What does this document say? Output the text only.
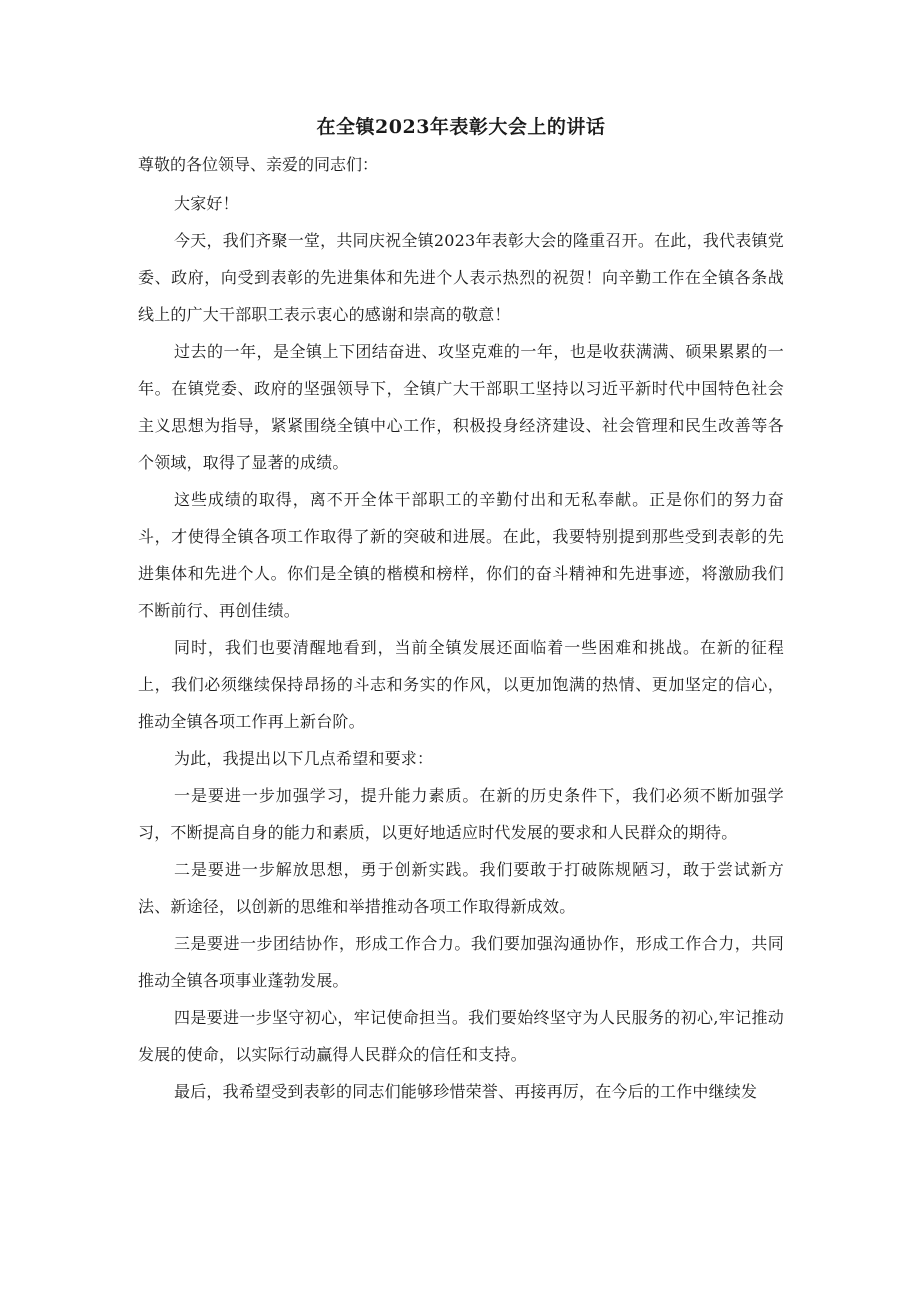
在全镇2023年表彰大会上的讲话

尊敬的各位领导、亲爱的同志们：

大家好！

今天，我们齐聚一堂，共同庆祝全镇2023年表彰大会的隆重召开。在此，我代表镇党委、政府，向受到表彰的先进集体和先进个人表示热烈的祝贺！向辛勤工作在全镇各条战线上的广大干部职工表示衷心的感谢和崇高的敬意！

过去的一年，是全镇上下团结奋进、攻坚克难的一年，也是收获满满、硕果累累的一年。在镇党委、政府的坚强领导下，全镇广大干部职工坚持以习近平新时代中国特色社会主义思想为指导，紧紧围绕全镇中心工作，积极投身经济建设、社会管理和民生改善等各个领域，取得了显著的成绩。

这些成绩的取得，离不开全体干部职工的辛勤付出和无私奉献。正是你们的努力奋斗，才使得全镇各项工作取得了新的突破和进展。在此，我要特别提到那些受到表彰的先进集体和先进个人。你们是全镇的楷模和榜样，你们的奋斗精神和先进事迹，将激励我们不断前行、再创佳绩。

同时，我们也要清醒地看到，当前全镇发展还面临着一些困难和挑战。在新的征程上，我们必须继续保持昂扬的斗志和务实的作风，以更加饱满的热情、更加坚定的信心，推动全镇各项工作再上新台阶。

为此，我提出以下几点希望和要求：

一是要进一步加强学习，提升能力素质。在新的历史条件下，我们必须不断加强学习，不断提高自身的能力和素质，以更好地适应时代发展的要求和人民群众的期待。

二是要进一步解放思想，勇于创新实践。我们要敢于打破陈规陋习，敢于尝试新方法、新途径，以创新的思维和举措推动各项工作取得新成效。

三是要进一步团结协作，形成工作合力。我们要加强沟通协作，形成工作合力，共同推动全镇各项事业蓬勃发展。

四是要进一步坚守初心，牢记使命担当。我们要始终坚守为人民服务的初心,牢记推动发展的使命，以实际行动赢得人民群众的信任和支持。

最后，我希望受到表彰的同志们能够珍惜荣誉、再接再厉，在今后的工作中继续发
